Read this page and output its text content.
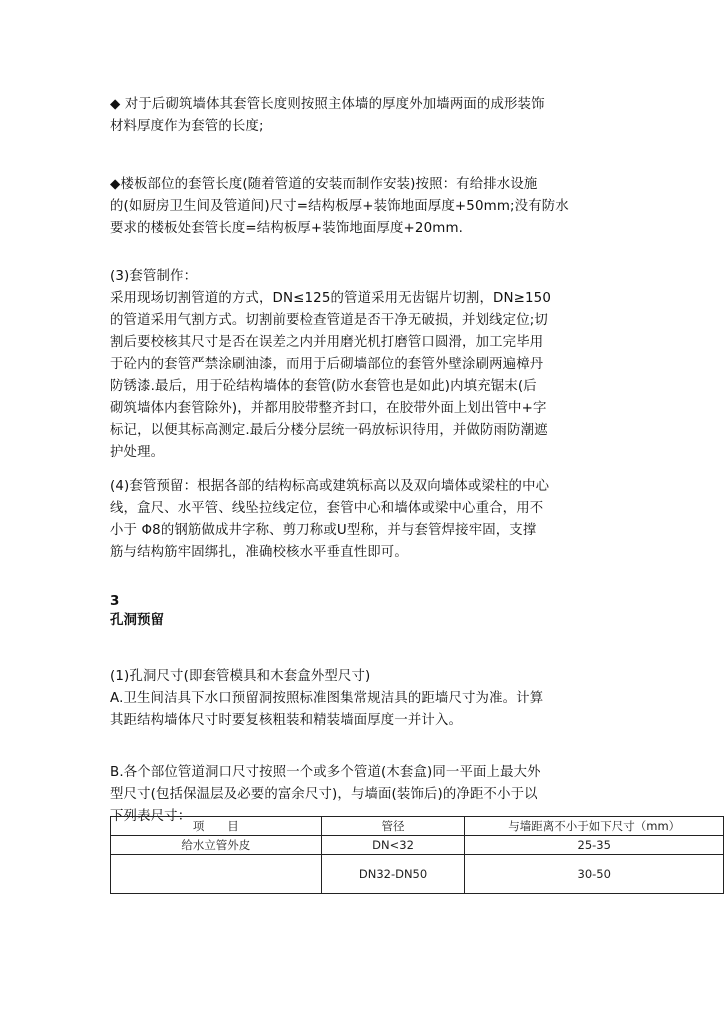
◆ 对于后砌筑墙体其套管长度则按照主体墙的厚度外加墙两面的成形装饰
材料厚度作为套管的长度;
◆楼板部位的套管长度(随着管道的安装而制作安装)按照：有给排水设施
的(如厨房卫生间及管道间)尺寸=结构板厚+装饰地面厚度+50mm;没有防水
要求的楼板处套管长度=结构板厚+装饰地面厚度+20mm.
(3)套管制作：
采用现场切割管道的方式，DN≤125的管道采用无齿锯片切割，DN≥150
的管道采用气割方式。切割前要检查管道是否干净无破损，并划线定位;切
割后要校核其尺寸是否在误差之内并用磨光机打磨管口圆滑，加工完毕用
于砼内的套管严禁涂刷油漆，而用于后砌墙部位的套管外壁涂刷两遍樟丹
防锈漆.最后，用于砼结构墙体的套管(防水套管也是如此)内填充锯末(后
砌筑墙体内套管除外)，并都用胶带整齐封口，在胶带外面上划出管中+字
标记，以便其标高测定.最后分楼分层统一码放标识待用，并做防雨防潮遮
护处理。
(4)套管预留：根据各部的结构标高或建筑标高以及双向墙体或梁柱的中心
线，盒尺、水平管、线坠拉线定位，套管中心和墙体或梁中心重合，用不
小于 Φ8的钢筋做成井字称、剪刀称或U型称，并与套管焊接牢固，支撑
筋与结构筋牢固绑扎，准确校核水平垂直性即可。
3
孔洞预留
(1)孔洞尺寸(即套管模具和木套盒外型尺寸)
A.卫生间洁具下水口预留洞按照标准图集常规洁具的距墙尺寸为准。计算
其距结构墙体尺寸时要复核粗装和精装墙面厚度一并计入。
B.各个部位管道洞口尺寸按照一个或多个管道(木套盒)同一平面上最大外
型尺寸(包括保温层及必要的富余尺寸)，与墙面(装饰后)的净距不小于以
下列表尺寸：
项　　目	管径	与墙距离不小于如下尺寸（mm）
给水立管外皮	DN<32	25-35
	DN32-DN50	30-50
